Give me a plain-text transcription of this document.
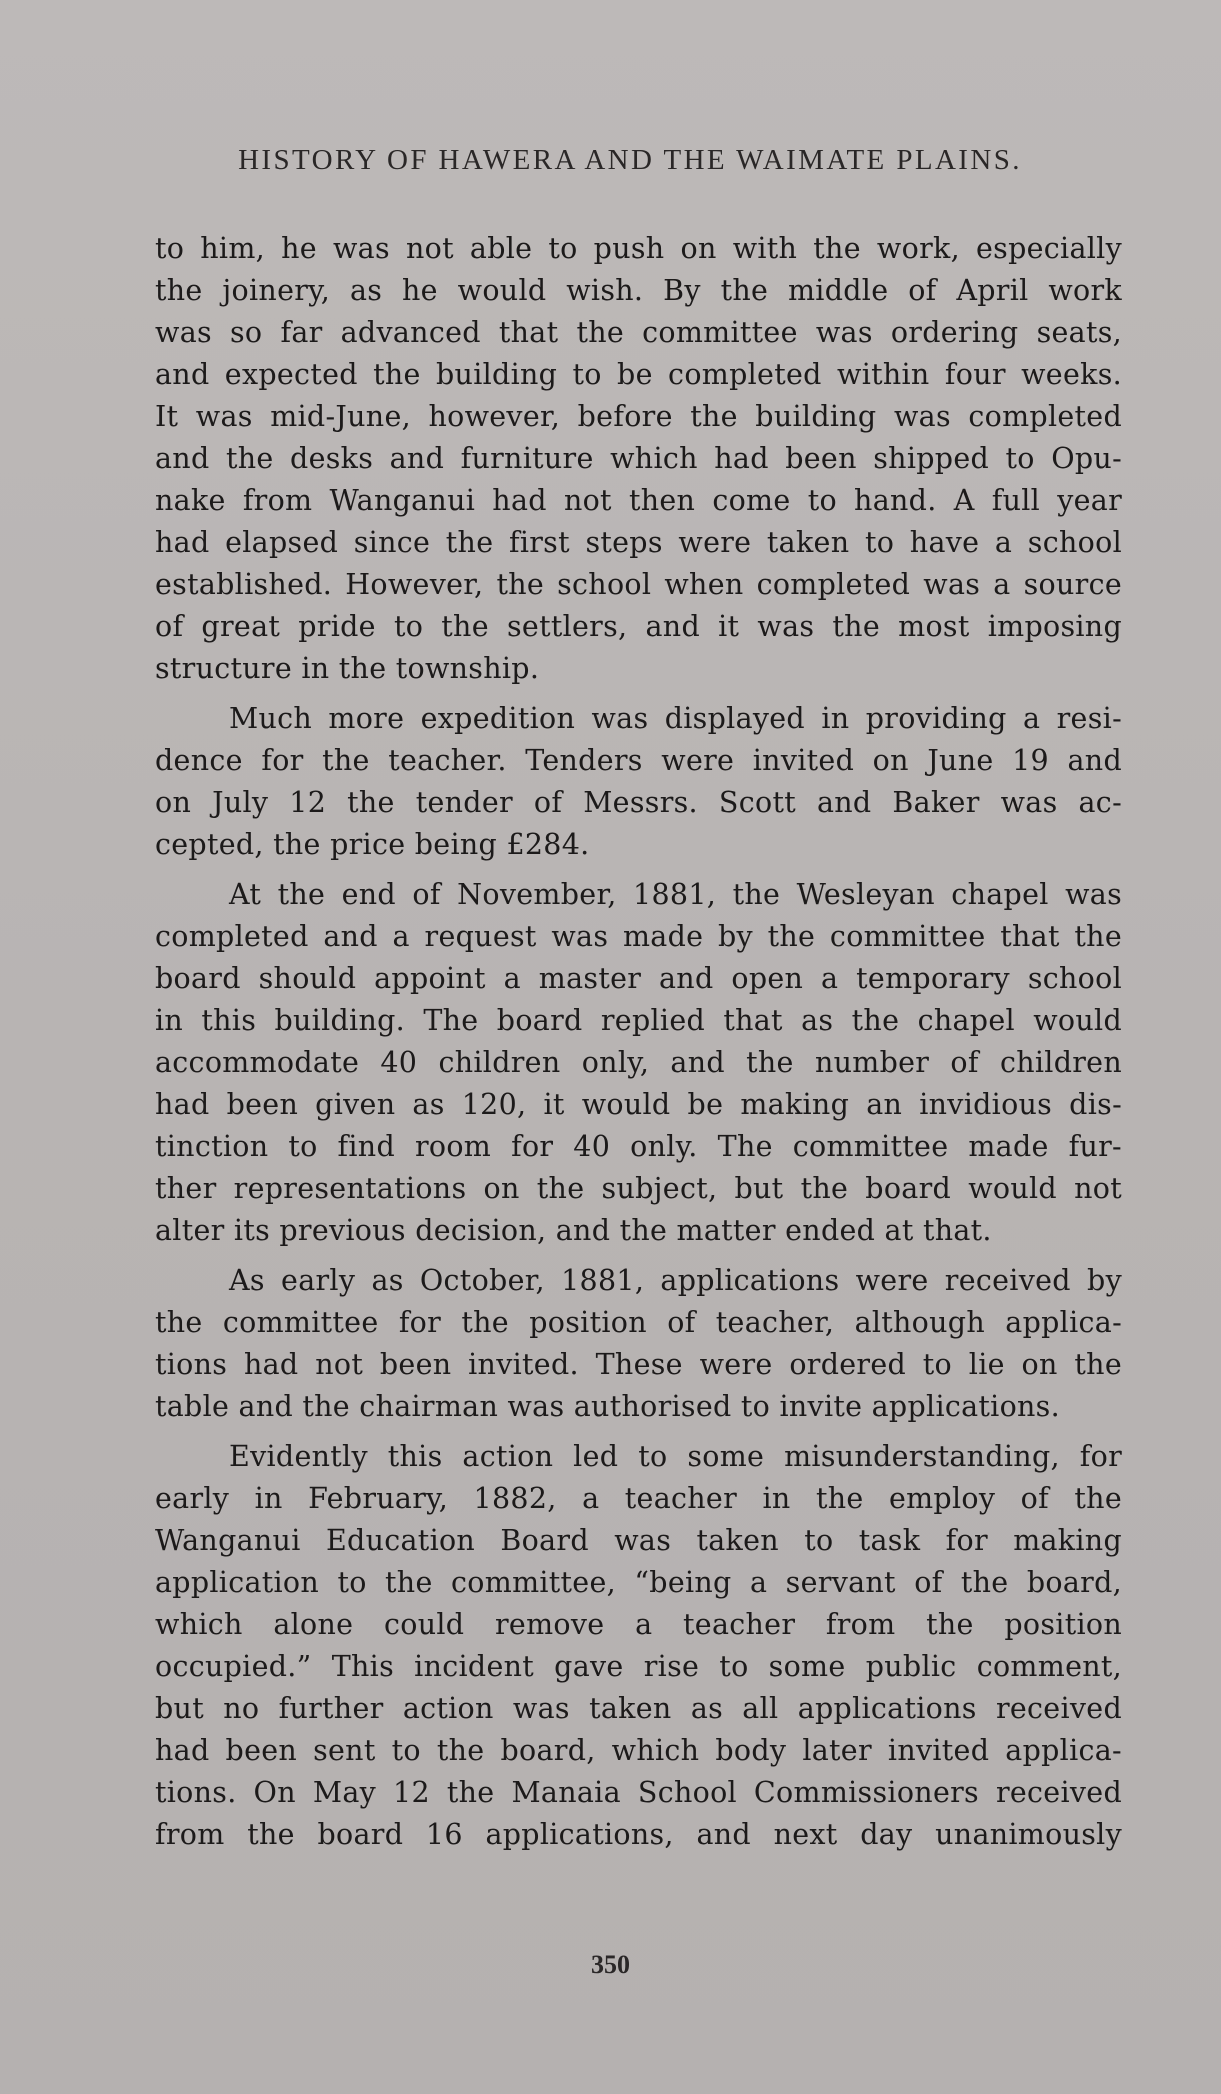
HISTORY OF HAWERA AND THE WAIMATE PLAINS.
to him, he was not able to push on with the work, especially
the joinery, as he would wish. By the middle of April work
was so far advanced that the committee was ordering seats,
and expected the building to be completed within four weeks.
It was mid-June, however, before the building was completed
and the desks and furniture which had been shipped to Opu-
nake from Wanganui had not then come to hand. A full year
had elapsed since the first steps were taken to have a school
established. However, the school when completed was a source
of great pride to the settlers, and it was the most imposing
structure in the township.
Much more expedition was displayed in providing a resi-
dence for the teacher. Tenders were invited on June 19 and
on July 12 the tender of Messrs. Scott and Baker was ac-
cepted, the price being £284.
At the end of November, 1881, the Wesleyan chapel was
completed and a request was made by the committee that the
board should appoint a master and open a temporary school
in this building. The board replied that as the chapel would
accommodate 40 children only, and the number of children
had been given as 120, it would be making an invidious dis-
tinction to find room for 40 only. The committee made fur-
ther representations on the subject, but the board would not
alter its previous decision, and the matter ended at that.
As early as October, 1881, applications were received by
the committee for the position of teacher, although applica-
tions had not been invited. These were ordered to lie on the
table and the chairman was authorised to invite applications.
Evidently this action led to some misunderstanding, for
early in February, 1882, a teacher in the employ of the
Wanganui Education Board was taken to task for making
application to the committee, “being a servant of the board,
which alone could remove a teacher from the position
occupied.” This incident gave rise to some public comment,
but no further action was taken as all applications received
had been sent to the board, which body later invited applica-
tions. On May 12 the Manaia School Commissioners received
from the board 16 applications, and next day unanimously
350
